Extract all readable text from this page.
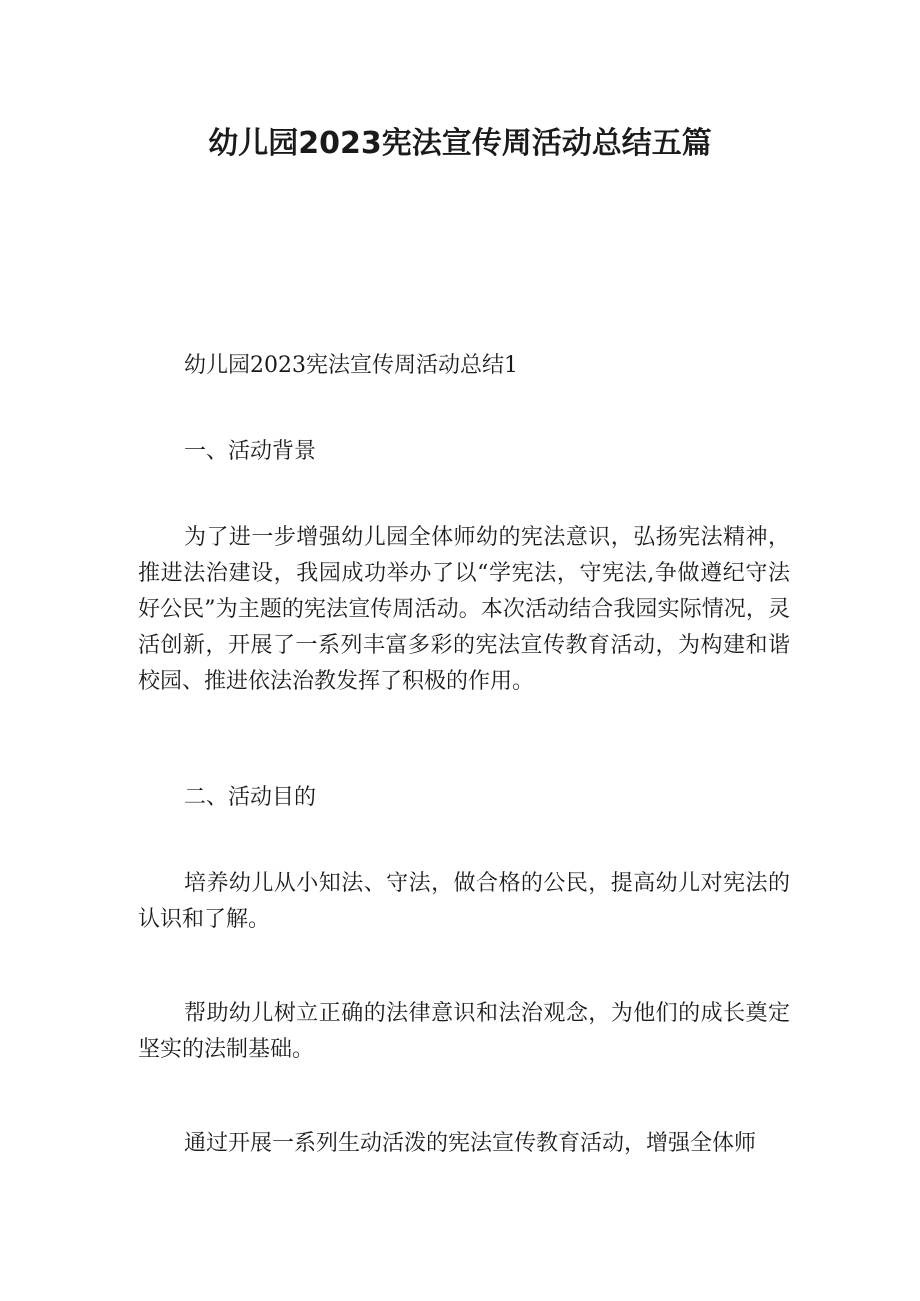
幼儿园2023宪法宣传周活动总结五篇

幼儿园2023宪法宣传周活动总结1

一、活动背景

为了进一步增强幼儿园全体师幼的宪法意识，弘扬宪法精神，推进法治建设，我园成功举办了以“学宪法，守宪法,争做遵纪守法好公民”为主题的宪法宣传周活动。本次活动结合我园实际情况，灵活创新，开展了一系列丰富多彩的宪法宣传教育活动，为构建和谐校园、推进依法治教发挥了积极的作用。

二、活动目的

培养幼儿从小知法、守法，做合格的公民，提高幼儿对宪法的认识和了解。

帮助幼儿树立正确的法律意识和法治观念，为他们的成长奠定坚实的法制基础。

通过开展一系列生动活泼的宪法宣传教育活动，增强全体师
